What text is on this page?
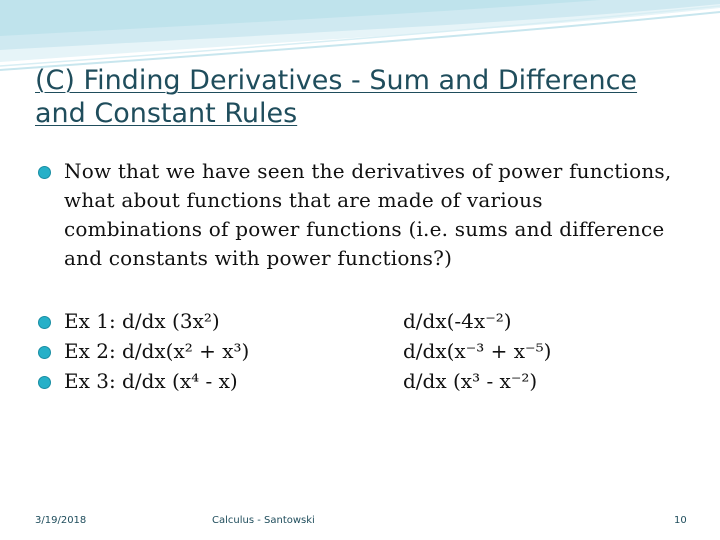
(C) Finding Derivatives - Sum and Difference and Constant Rules
Now that we have seen the derivatives of power functions, what about functions that are made of various combinations of power functions (i.e. sums and difference and constants with power functions?)
Ex 1: d/dx (3x²)	d/dx(-4x⁻²)
Ex 2: d/dx(x² + x³)	d/dx(x⁻³ + x⁻⁵)
Ex 3: d/dx (x⁴ - x)	d/dx (x³ - x⁻²)
3/19/2018	Calculus - Santowski	10
